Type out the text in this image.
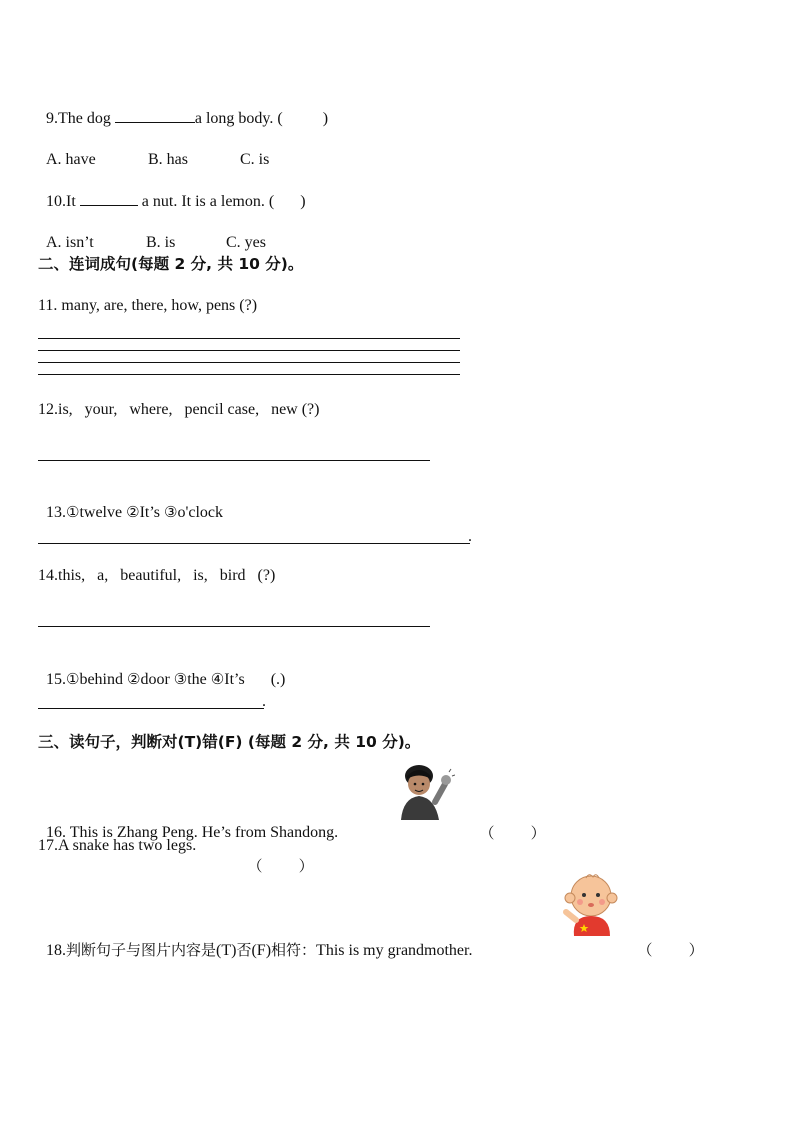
9.The dog	a long body. (	)

A. have	B. has	C. is

10.It	a nut. It is a lemon. ( )

A. isn’t	B. is	C. yes

二、连词成句(每题 2 分, 共 10 分)。
11. many, are, there, how, pens (?)
12.is,   your,   where,   pencil case,   new (?)

13.①twelve ②It’s ③o'clock

.
14.this,   a,   beautiful,   is,   bird   (?)

15.①behind ②door ③the ④It’s (.)

.
三、读句子，判断对(T)错(F) (每题 2 分, 共 10 分)。

16. This is Zhang Peng. He’s from Shandong.	（ ）

17.A snake has two legs.

（ ）

18.判断句子与图片内容是(T)否(F)相符：This is my grandmother.	（ ）
